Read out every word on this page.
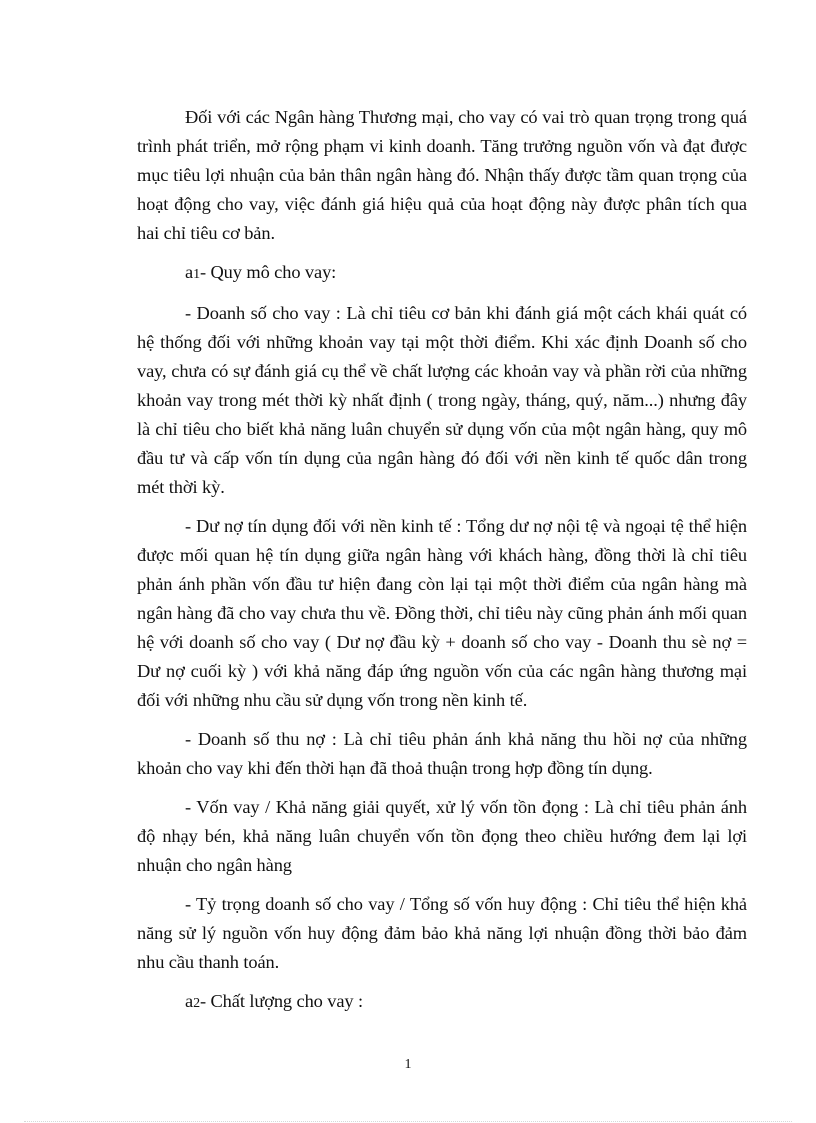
Đối với các Ngân hàng Thương mại, cho vay có vai trò quan trọng trong quá trình phát triển, mở rộng phạm vi kinh doanh. Tăng trưởng nguồn vốn và đạt được mục tiêu lợi nhuận của bản thân ngân hàng đó. Nhận thấy được tầm quan trọng của hoạt động cho vay, việc đánh giá hiệu quả của hoạt động này được phân tích qua hai chỉ tiêu cơ bản.

a1- Quy mô cho vay:

- Doanh số cho vay : Là chỉ tiêu cơ bản khi đánh giá một cách khái quát có hệ thống đối với những khoản vay tại một thời điểm. Khi xác định Doanh số cho vay, chưa có sự đánh giá cụ thể về chất lượng các khoản vay và phần rời của những khoản vay trong mét thời kỳ nhất định ( trong ngày, tháng, quý, năm...) nhưng đây là chỉ tiêu cho biết khả năng luân chuyển sử dụng vốn của một ngân hàng, quy mô đầu tư và cấp vốn tín dụng của ngân hàng đó đối với nền kinh tế quốc dân trong mét thời kỳ.

- Dư nợ tín dụng đối với nền kinh tế : Tổng dư nợ nội tệ và ngoại tệ thể hiện được mối quan hệ tín dụng giữa ngân hàng với khách hàng, đồng thời là chỉ tiêu phản ánh phần vốn đầu tư hiện đang còn lại tại một thời điểm của ngân hàng mà ngân hàng đã cho vay chưa thu về. Đồng thời, chỉ tiêu này cũng phản ánh mối quan hệ với doanh số cho vay ( Dư nợ đầu kỳ + doanh số cho vay - Doanh thu sè nợ = Dư nợ cuối kỳ ) với khả năng đáp ứng nguồn vốn của các ngân hàng thương mại đối với những nhu cầu sử dụng vốn trong nền kinh tế.

- Doanh số thu nợ : Là chỉ tiêu phản ánh khả năng thu hồi nợ của những khoản cho vay khi đến thời hạn đã thoả thuận trong hợp đồng tín dụng.

- Vốn vay / Khả năng giải quyết, xử lý vốn tồn đọng : Là chỉ tiêu phản ánh độ nhạy bén, khả năng luân chuyển vốn tồn đọng theo chiều hướng đem lại lợi nhuận cho ngân hàng

- Tỷ trọng doanh số cho vay / Tổng số vốn huy động : Chỉ tiêu thể hiện khả năng sử lý nguồn vốn huy động đảm bảo khả năng lợi nhuận đồng thời bảo đảm nhu cầu thanh toán.

a2- Chất lượng cho vay :

1
